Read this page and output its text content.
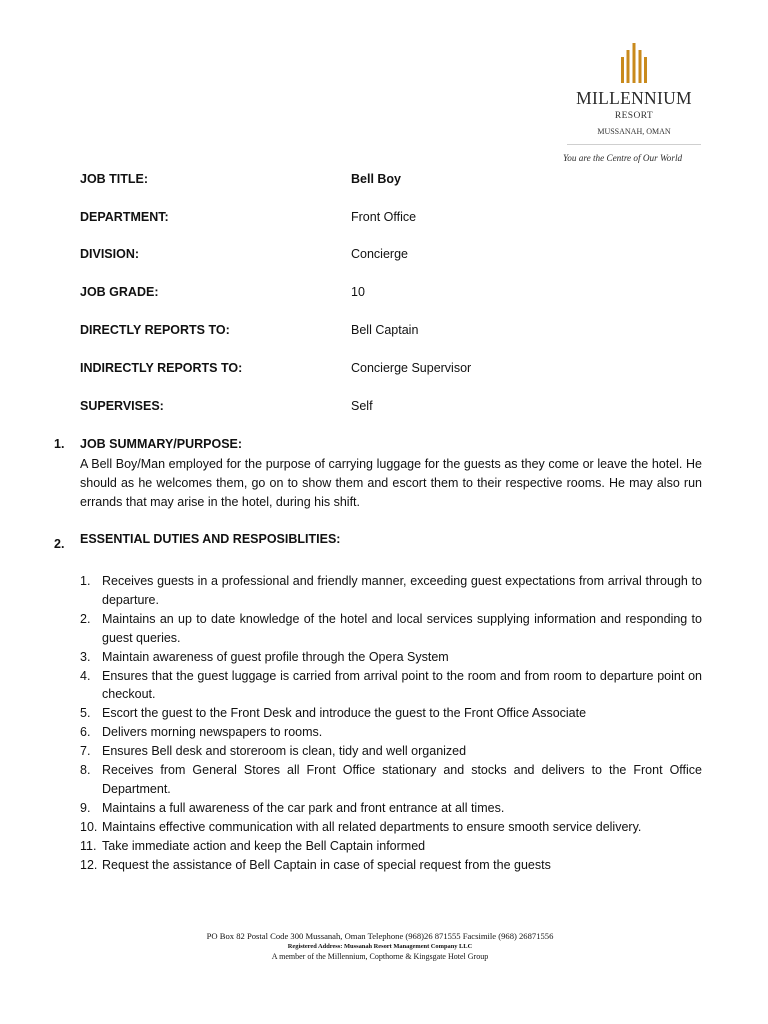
MILLENNIUM
RESORT
MUSSANAH, OMAN
You are the Centre of Our World
JOB TITLE:	Bell Boy
DEPARTMENT:	Front Office
DIVISION:	Concierge
JOB GRADE:	10
DIRECTLY REPORTS TO:	Bell Captain
INDIRECTLY REPORTS TO:	Concierge Supervisor
SUPERVISES:	Self
1. JOB SUMMARY/PURPOSE:

A Bell Boy/Man employed for the purpose of carrying luggage for the guests as they come or leave the hotel. He should as he welcomes them, go on to show them and escort them to their respective rooms. He may also run errands that may arise in the hotel, during his shift.

2. ESSENTIAL DUTIES AND RESPOSIBLITIES:
1. Receives guests in a professional and friendly manner, exceeding guest expectations from arrival through to departure.
2. Maintains an up to date knowledge of the hotel and local services supplying information and responding to guest queries.
3. Maintain awareness of guest profile through the Opera System
4. Ensures that the guest luggage is carried from arrival point to the room and from room to departure point on checkout.
5. Escort the guest to the Front Desk and introduce the guest to the Front Office Associate
6. Delivers morning newspapers to rooms.
7. Ensures Bell desk and storeroom is clean, tidy and well organized
8. Receives from General Stores all Front Office stationary and stocks and delivers to the Front Office Department.
9. Maintains a full awareness of the car park and front entrance at all times.
10. Maintains effective communication with all related departments to ensure smooth service delivery.
11. Take immediate action and keep the Bell Captain informed
12. Request the assistance of Bell Captain in case of special request from the guests
PO Box 82 Postal Code 300 Mussanah, Oman Telephone (968)26 871555 Facsimile (968) 26871556
Registered Address: Mussanah Resort Management Company LLC
A member of the Millennium, Copthorne & Kingsgate Hotel Group
